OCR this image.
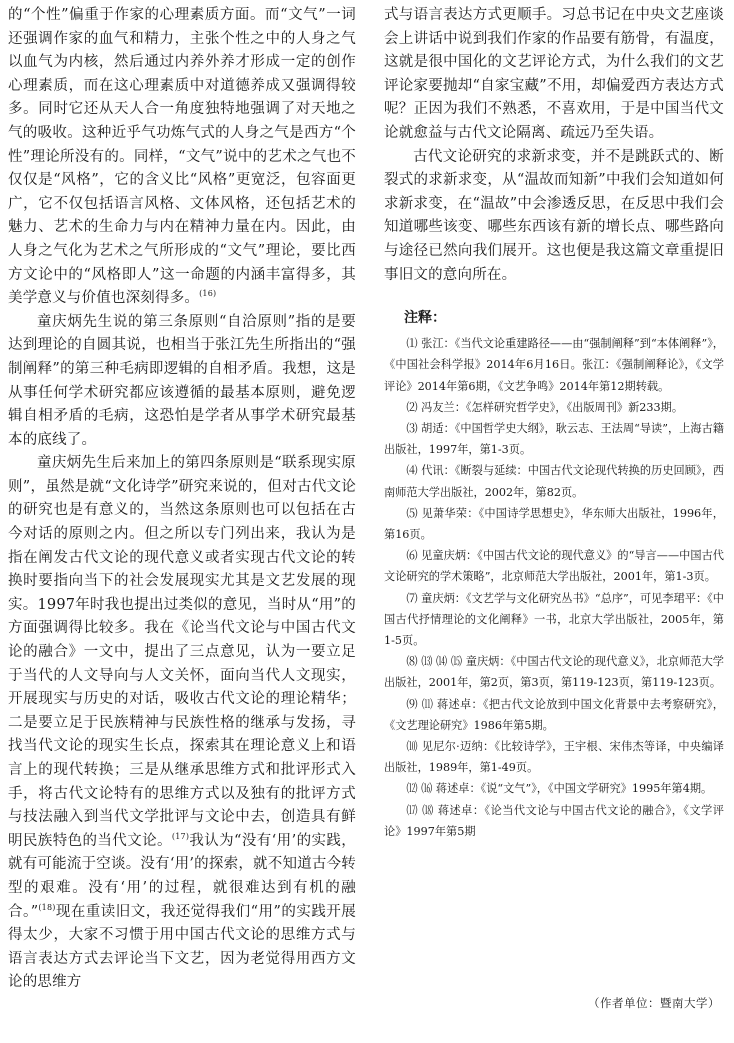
的“个性”偏重于作家的心理素质方面。而“文气”一词还强调作家的血气和精力，主张个性之中的人身之气以血气为内核，然后通过内养外养才形成一定的创作心理素质，而在这心理素质中对道德养成又强调得较多。同时它还从天人合一角度独特地强调了对天地之气的吸收。这种近乎气功炼气式的人身之气是西方“个性”理论所没有的。同样，“文气”说中的艺术之气也不仅仅是“风格”，它的含义比“风格”更宽泛，包容面更广，它不仅包括语言风格、文体风格，还包括艺术的魅力、艺术的生命力与内在精神力量在内。因此，由人身之气化为艺术之气所形成的“文气”理论，要比西方文论中的“风格即人”这一命题的内涵丰富得多，其美学意义与价值也深刻得多。$^{(16)}$

童庆炳先生说的第三条原则“自洽原则”指的是要达到理论的自圆其说，也相当于张江先生所指出的“强制阐释”的第三种毛病即逻辑的自相矛盾。我想，这是从事任何学术研究都应该遵循的最基本原则，避免逻辑自相矛盾的毛病，这恐怕是学者从事学术研究最基本的底线了。

童庆炳先生后来加上的第四条原则是“联系现实原则”，虽然是就“文化诗学”研究来说的，但对古代文论的研究也是有意义的，当然这条原则也可以包括在古今对话的原则之内。但之所以专门列出来，我认为是指在阐发古代文论的现代意义或者实现古代文论的转换时要指向当下的社会发展现实尤其是文艺发展的现实。1997年时我也提出过类似的意见，当时从“用”的方面强调得比较多。我在《论当代文论与中国古代文论的融合》一文中，提出了三点意见，认为一要立足于当代的人文导向与人文关怀，面向当代人文现实，开展现实与历史的对话，吸收古代文论的理论精华；二是要立足于民族精神与民族性格的继承与发扬，寻找当代文论的现实生长点，探索其在理论意义上和语言上的现代转换；三是从继承思维方式和批评形式入手，将古代文论特有的思维方式以及独有的批评方式与技法融入到当代文学批评与文论中去，创造具有鲜明民族特色的当代文论。$^{(17)}$我认为“没有‘用’的实践，就有可能流于空谈。没有‘用’的探索，就不知道古今转型的艰难。没有‘用’的过程，就很难达到有机的融合。”$^{(18)}$现在重读旧文，我还觉得我们“用”的实践开展得太少，大家不习惯于用中国古代文论的思维方式与语言表达方式去评论当下文艺，因为老觉得用西方文论的思维方

式与语言表达方式更顺手。习总书记在中央文艺座谈会上讲话中说到我们作家的作品要有筋骨，有温度，这就是很中国化的文艺评论方式，为什么我们的文艺评论家要抛却“自家宝藏”不用，却偏爱西方表达方式呢？正因为我们不熟悉，不喜欢用，于是中国当代文论就愈益与古代文论隔离、疏远乃至失语。

古代文论研究的求新求变，并不是跳跃式的、断裂式的求新求变，从“温故而知新”中我们会知道如何求新求变，在“温故”中会渗透反思，在反思中我们会知道哪些该变、哪些东西该有新的增长点、哪些路向与途径已然向我们展开。这也便是我这篇文章重提旧事旧文的意向所在。

注释：
⑴ 张江：《当代文论重建路径——由“强制阐释”到“本体阐释”》，《中国社会科学报》2014年6月16日。张江：《强制阐释论》，《文学评论》2014年第6期，《文艺争鸣》2014年第12期转载。
⑵ 冯友兰：《怎样研究哲学史》，《出版周刊》新233期。
⑶ 胡适：《中国哲学史大纲》，耿云志、王法周“导读”，上海古籍出版社，1997年，第1-3页。
⑷ 代讯：《断裂与延续：中国古代文论现代转换的历史回顾》，西南师范大学出版社，2002年，第82页。
⑸ 见萧华荣：《中国诗学思想史》，华东师大出版社，1996年，第16页。
⑹ 见童庆炳：《中国古代文论的现代意义》的“导言——中国古代文论研究的学术策略”，北京师范大学出版社，2001年，第1-3页。
⑺ 童庆炳：《文艺学与文化研究丛书》“总序”，可见李珺平：《中国古代抒情理论的文化阐释》一书，北京大学出版社，2005年，第1-5页。
⑻ ⒀ ⒁ ⒂ 童庆炳：《中国古代文论的现代意义》，北京师范大学出版社，2001年，第2页，第3页，第119-123页，第119-123页。
⑼ ⑾ 蒋述卓：《把古代文论放到中国文化背景中去考察研究》，《文艺理论研究》1986年第5期。
⑽ 见尼尔·迈纳：《比较诗学》，王宇根、宋伟杰等译，中央编译出版社，1989年，第1-49页。
⑿ ⒃ 蒋述卓：《说“文气”》，《中国文学研究》1995年第4期。
⒄ ⒅ 蒋述卓：《论当代文论与中国古代文论的融合》，《文学评论》1997年第5期
（作者单位：暨南大学）
